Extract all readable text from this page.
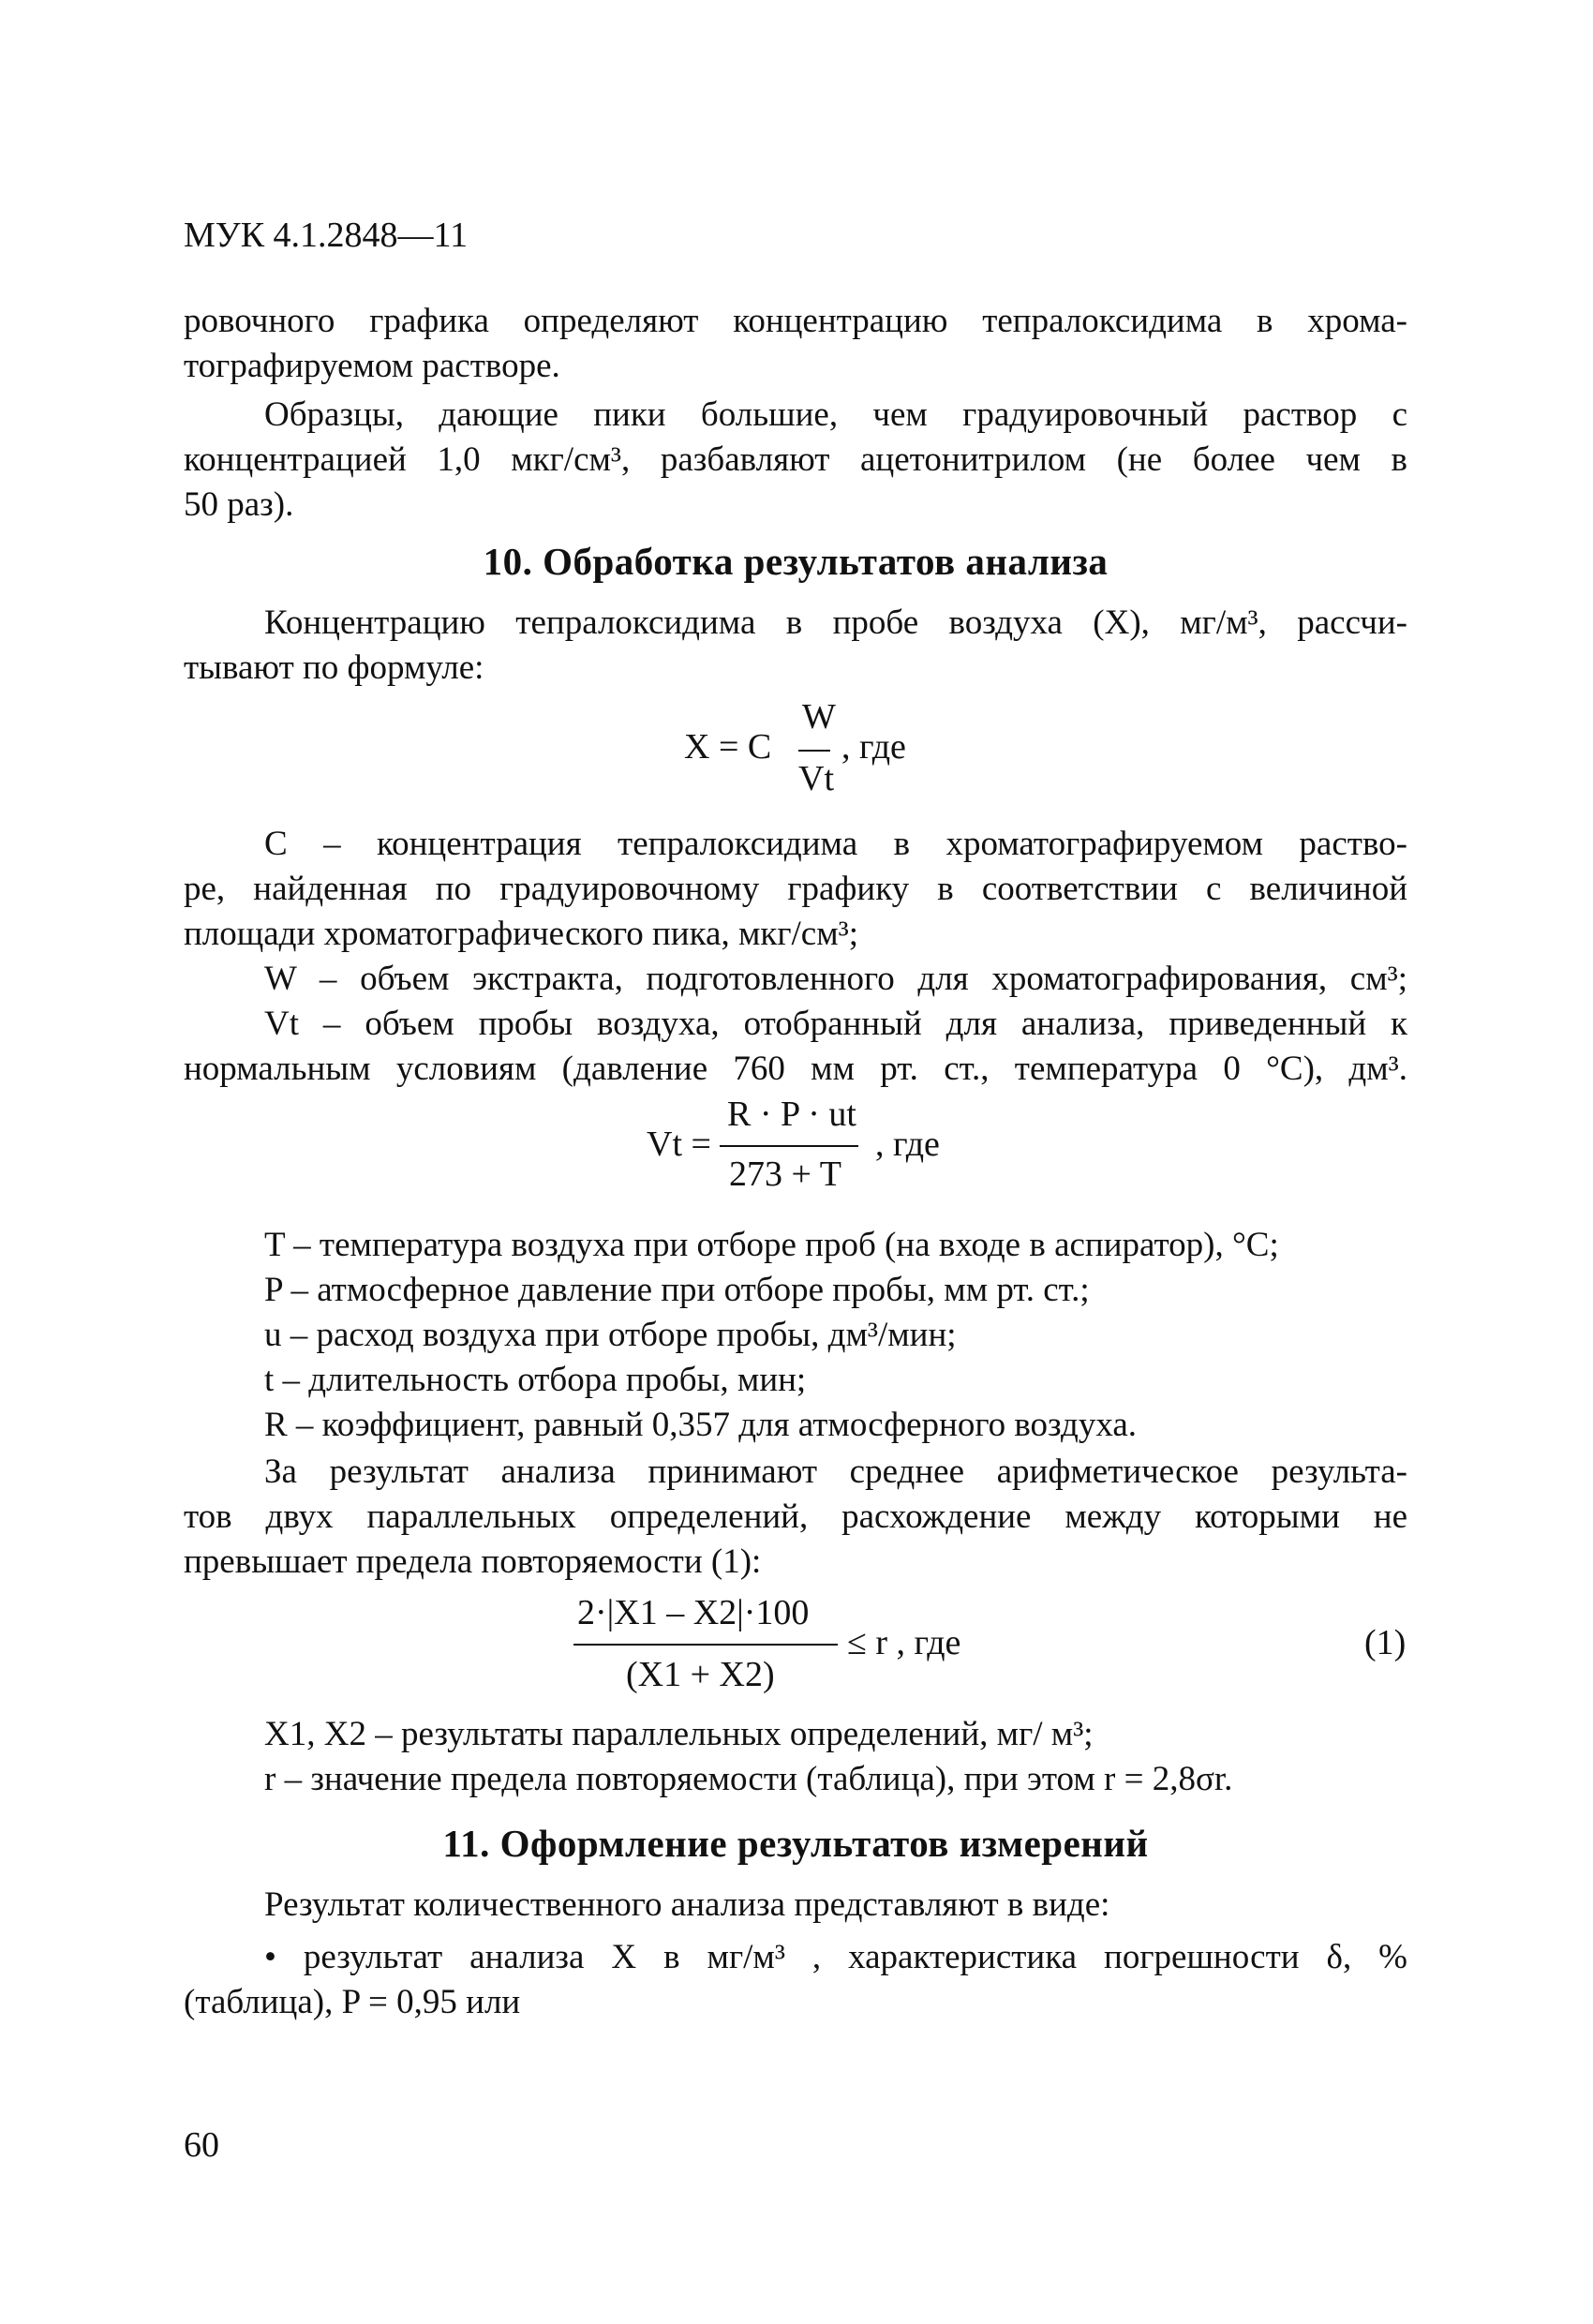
МУК 4.1.2848—11
ровочного графика определяют концентрацию тепралоксидима в хрома-
тографируемом растворе.
Образцы, дающие пики большие, чем градуировочный раствор с
концентрацией 1,0 мкг/см³, разбавляют ацетонитрилом (не более чем в
50 раз).
10. Обработка результатов анализа
Концентрацию тепралоксидима в пробе воздуха (X), мг/м³, рассчи-
тывают по формуле:
X = C
W
Vt
, где
C – концентрация тепралоксидима в хроматографируемом раство-
ре, найденная по градуировочному графику в соответствии с величиной
площади хроматографического пика, мкг/см³;
W – объем экстракта, подготовленного для хроматографирования, см³;
Vt – объем пробы воздуха, отобранный для анализа, приведенный к
нормальным условиям (давление 760 мм рт. ст., температура 0 °С), дм³.
Vt =
R · P · ut
273 + T
, где
T – температура воздуха при отборе проб (на входе в аспиратор), °С;
P – атмосферное давление при отборе пробы, мм рт. ст.;
u – расход воздуха при отборе пробы, дм³/мин;
t – длительность отбора пробы, мин;
R – коэффициент, равный 0,357 для атмосферного воздуха.
За результат анализа принимают среднее арифметическое результа-
тов двух параллельных определений, расхождение между которыми не
превышает предела повторяемости (1):
2·|X1 – X2|·100
(X1 + X2)
≤ r , где	(1)
X1, X2 – результаты параллельных определений, мг/ м³;
r – значение предела повторяемости (таблица), при этом r = 2,8σr.
11. Оформление результатов измерений
Результат количественного анализа представляют в виде:
• результат анализа X в мг/м³ , характеристика погрешности δ, %
(таблица), P = 0,95 или
60
